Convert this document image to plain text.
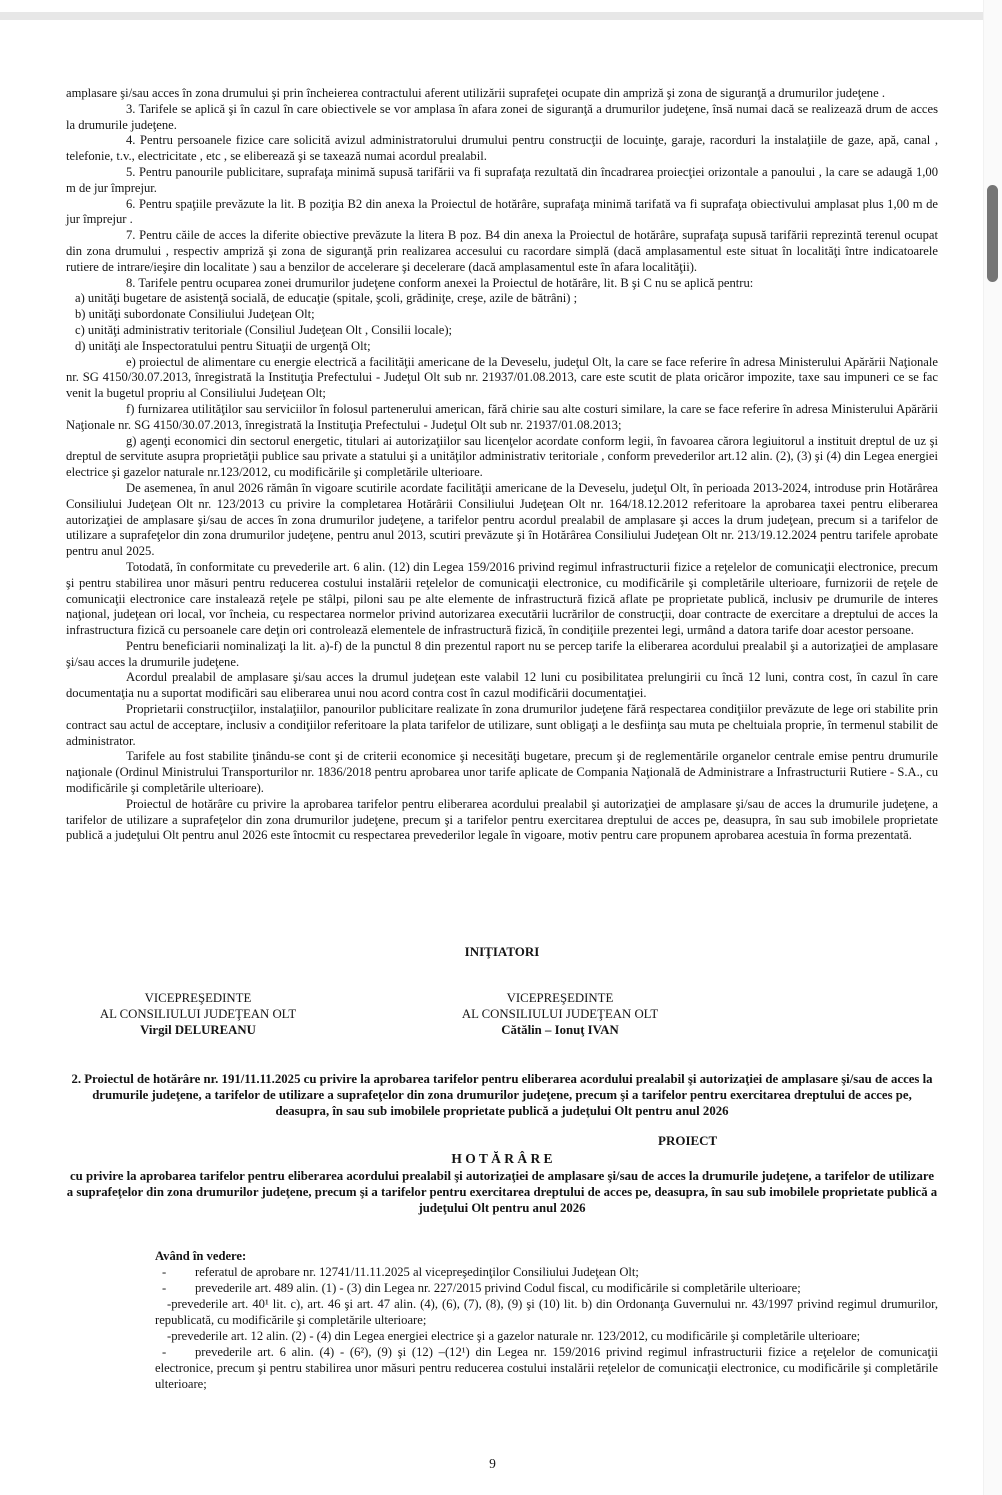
amplasare şi/sau acces în zona drumului şi prin încheierea contractului aferent utilizării suprafeţei ocupate din ampriză şi zona de siguranţă a drumurilor judeţene .
3. Tarifele se aplică şi în cazul în care obiectivele se vor amplasa în afara zonei de siguranţă a drumurilor judeţene, însă numai dacă se realizează drum de acces la drumurile judeţene.
4. Pentru persoanele fizice care solicită avizul administratorului drumului pentru construcţii de locuinţe, garaje, racorduri la instalaţiile de gaze, apă, canal , telefonie, t.v., electricitate , etc , se eliberează şi se taxează numai acordul prealabil.
5. Pentru panourile publicitare, suprafaţa minimă supusă tarifării va fi suprafaţa rezultată din încadrarea proiecţiei orizontale a panoului , la care se adaugă 1,00 m de jur împrejur.
6. Pentru spaţiile prevăzute la lit. B poziţia B2 din anexa la Proiectul de hotărâre, suprafaţa minimă tarifată va fi suprafaţa obiectivului amplasat plus 1,00 m de jur împrejur .
7. Pentru căile de acces la diferite obiective prevăzute la litera B poz. B4 din anexa la Proiectul de hotărâre, suprafaţa supusă tarifării reprezintă terenul ocupat din zona drumului , respectiv ampriză şi zona de siguranţă prin realizarea accesului cu racordare simplă (dacă amplasamentul este situat în localităţi între indicatoarele rutiere de intrare/ieşire din localitate ) sau a benzilor de accelerare şi decelerare (dacă amplasamentul este în afara localităţii).
8. Tarifele pentru ocuparea zonei drumurilor judeţene conform anexei la Proiectul de hotărâre, lit. B şi C nu se aplică pentru:
a) unităţi bugetare de asistenţă socială, de educaţie (spitale, şcoli, grădiniţe, creşe, azile de bătrâni) ;
b) unităţi subordonate Consiliului Judeţean Olt;
c) unităţi administrativ teritoriale (Consiliul Judeţean Olt , Consilii locale);
d) unităţi ale Inspectoratului pentru Situaţii de urgenţă Olt;
e) proiectul de alimentare cu energie electrică a facilităţii americane de la Deveselu, judeţul Olt, la care se face referire în adresa Ministerului Apărării Naţionale nr. SG 4150/30.07.2013, înregistrată la Instituţia Prefectului - Judeţul Olt sub nr. 21937/01.08.2013, care este scutit de plata oricăror impozite, taxe sau impuneri ce se fac venit la bugetul propriu al Consiliului Judeţean Olt;
f) furnizarea utilităţilor sau serviciilor în folosul partenerului american, fără chirie sau alte costuri similare, la care se face referire în adresa Ministerului Apărării Naţionale nr. SG 4150/30.07.2013, înregistrată la Instituţia Prefectului - Judeţul Olt sub nr. 21937/01.08.2013;
g) agenţi economici din sectorul energetic, titulari ai autorizaţiilor sau licenţelor acordate conform legii, în favoarea cărora legiuitorul a instituit dreptul de uz şi dreptul de servitute asupra proprietăţii publice sau private a statului şi a unităţilor administrativ teritoriale , conform prevederilor art.12 alin. (2), (3) şi (4) din Legea energiei electrice şi gazelor naturale nr.123/2012, cu modificările şi completările ulterioare.
De asemenea, în anul 2026 rămân în vigoare scutirile acordate facilităţii americane de la Deveselu, judeţul Olt, în perioada 2013-2024, introduse prin Hotărârea Consiliului Judeţean Olt nr. 123/2013 cu privire la completarea Hotărârii Consiliului Judeţean Olt nr. 164/18.12.2012 referitoare la aprobarea taxei pentru eliberarea autorizaţiei de amplasare şi/sau de acces în zona drumurilor judeţene, a tarifelor pentru acordul prealabil de amplasare şi acces la drum judeţean, precum si a tarifelor de utilizare a suprafeţelor din zona drumurilor judeţene, pentru anul 2013, scutiri prevăzute şi în Hotărârea Consiliului Judeţean Olt nr. 213/19.12.2024 pentru tarifele aprobate pentru anul 2025.
Totodată, în conformitate cu prevederile art. 6 alin. (12) din Legea 159/2016 privind regimul infrastructurii fizice a reţelelor de comunicaţii electronice, precum şi pentru stabilirea unor măsuri pentru reducerea costului instalării reţelelor de comunicaţii electronice, cu modificările şi completările ulterioare, furnizorii de reţele de comunicaţii electronice care instalează reţele pe stâlpi, piloni sau pe alte elemente de infrastructură fizică aflate pe proprietate publică, inclusiv pe drumurile de interes naţional, judeţean ori local, vor încheia, cu respectarea normelor privind autorizarea executării lucrărilor de construcţii, doar contracte de exercitare a dreptului de acces la infrastructura fizică cu persoanele care deţin ori controlează elementele de infrastructură fizică, în condiţiile prezentei legi, urmând a datora tarife doar acestor persoane.
Pentru beneficiarii nominalizaţi la lit. a)-f) de la punctul 8 din prezentul raport nu se percep tarife la eliberarea acordului prealabil şi a autorizaţiei de amplasare şi/sau acces la drumurile judeţene.
Acordul prealabil de amplasare şi/sau acces la drumul judeţean este valabil 12 luni cu posibilitatea prelungirii cu încă 12 luni, contra cost, în cazul în care documentaţia nu a suportat modificări sau eliberarea unui nou acord contra cost în cazul modificării documentaţiei.
Proprietarii construcţiilor, instalaţiilor, panourilor publicitare realizate în zona drumurilor judeţene fără respectarea condiţiilor prevăzute de lege ori stabilite prin contract sau actul de acceptare, inclusiv a condiţiilor referitoare la plata tarifelor de utilizare, sunt obligaţi a le desfiinţa sau muta pe cheltuiala proprie, în termenul stabilit de administrator.
Tarifele au fost stabilite ţinându-se cont şi de criterii economice şi necesităţi bugetare, precum şi de reglementările organelor centrale emise pentru drumurile naţionale (Ordinul Ministrului Transporturilor nr. 1836/2018 pentru aprobarea unor tarife aplicate de Compania Naţională de Administrare a Infrastructurii Rutiere - S.A., cu modificările şi completările ulterioare).
Proiectul de hotărâre cu privire la aprobarea tarifelor pentru eliberarea acordului prealabil şi autorizaţiei de amplasare şi/sau de acces la drumurile judeţene, a tarifelor de utilizare a suprafeţelor din zona drumurilor judeţene, precum şi a tarifelor pentru exercitarea dreptului de acces pe, deasupra, în sau sub imobilele proprietate publică a judeţului Olt pentru anul 2026 este întocmit cu respectarea prevederilor legale în vigoare, motiv pentru care propunem aprobarea acestuia în forma prezentată.
INIŢIATORI
VICEPREŞEDINTE
AL CONSILIULUI JUDEŢEAN OLT
Virgil DELUREANU
VICEPREŞEDINTE
AL CONSILIULUI JUDEŢEAN OLT
Cătălin – Ionuţ IVAN
2. Proiectul de hotărâre nr. 191/11.11.2025 cu privire la aprobarea tarifelor pentru eliberarea acordului prealabil şi autorizaţiei de amplasare şi/sau de acces la drumurile judeţene, a tarifelor de utilizare a suprafeţelor din zona drumurilor judeţene, precum şi a tarifelor pentru exercitarea dreptului de acces pe, deasupra, în sau sub imobilele proprietate publică a judeţului Olt pentru anul 2026
PROIECT
H O T Ă R Â R E
cu privire la aprobarea tarifelor pentru eliberarea acordului prealabil şi autorizaţiei de amplasare şi/sau de acces la drumurile judeţene, a tarifelor de utilizare a suprafeţelor din zona drumurilor judeţene, precum şi a tarifelor pentru exercitarea dreptului de acces pe, deasupra, în sau sub imobilele proprietate publică a judeţului Olt pentru anul 2026
Având în vedere:
- referatul de aprobare nr. 12741/11.11.2025 al vicepreşedinţilor Consiliului Judeţean Olt;
- prevederile art. 489 alin. (1) - (3) din Legea nr. 227/2015 privind Codul fiscal, cu modificările si completările ulterioare;
-prevederile art. 40¹ lit. c), art. 46 şi art. 47 alin. (4), (6), (7), (8), (9) şi (10) lit. b) din Ordonanţa Guvernului nr. 43/1997 privind regimul drumurilor, republicată, cu modificările şi completările ulterioare;
-prevederile art. 12 alin. (2) - (4) din Legea energiei electrice şi a gazelor naturale nr. 123/2012, cu modificările şi completările ulterioare;
- prevederile art. 6 alin. (4) - (6²), (9) şi (12) –(12¹) din Legea nr. 159/2016 privind regimul infrastructurii fizice a reţelelor de comunicaţii electronice, precum şi pentru stabilirea unor măsuri pentru reducerea costului instalării reţelelor de comunicaţii electronice, cu modificările şi completările ulterioare;
9
